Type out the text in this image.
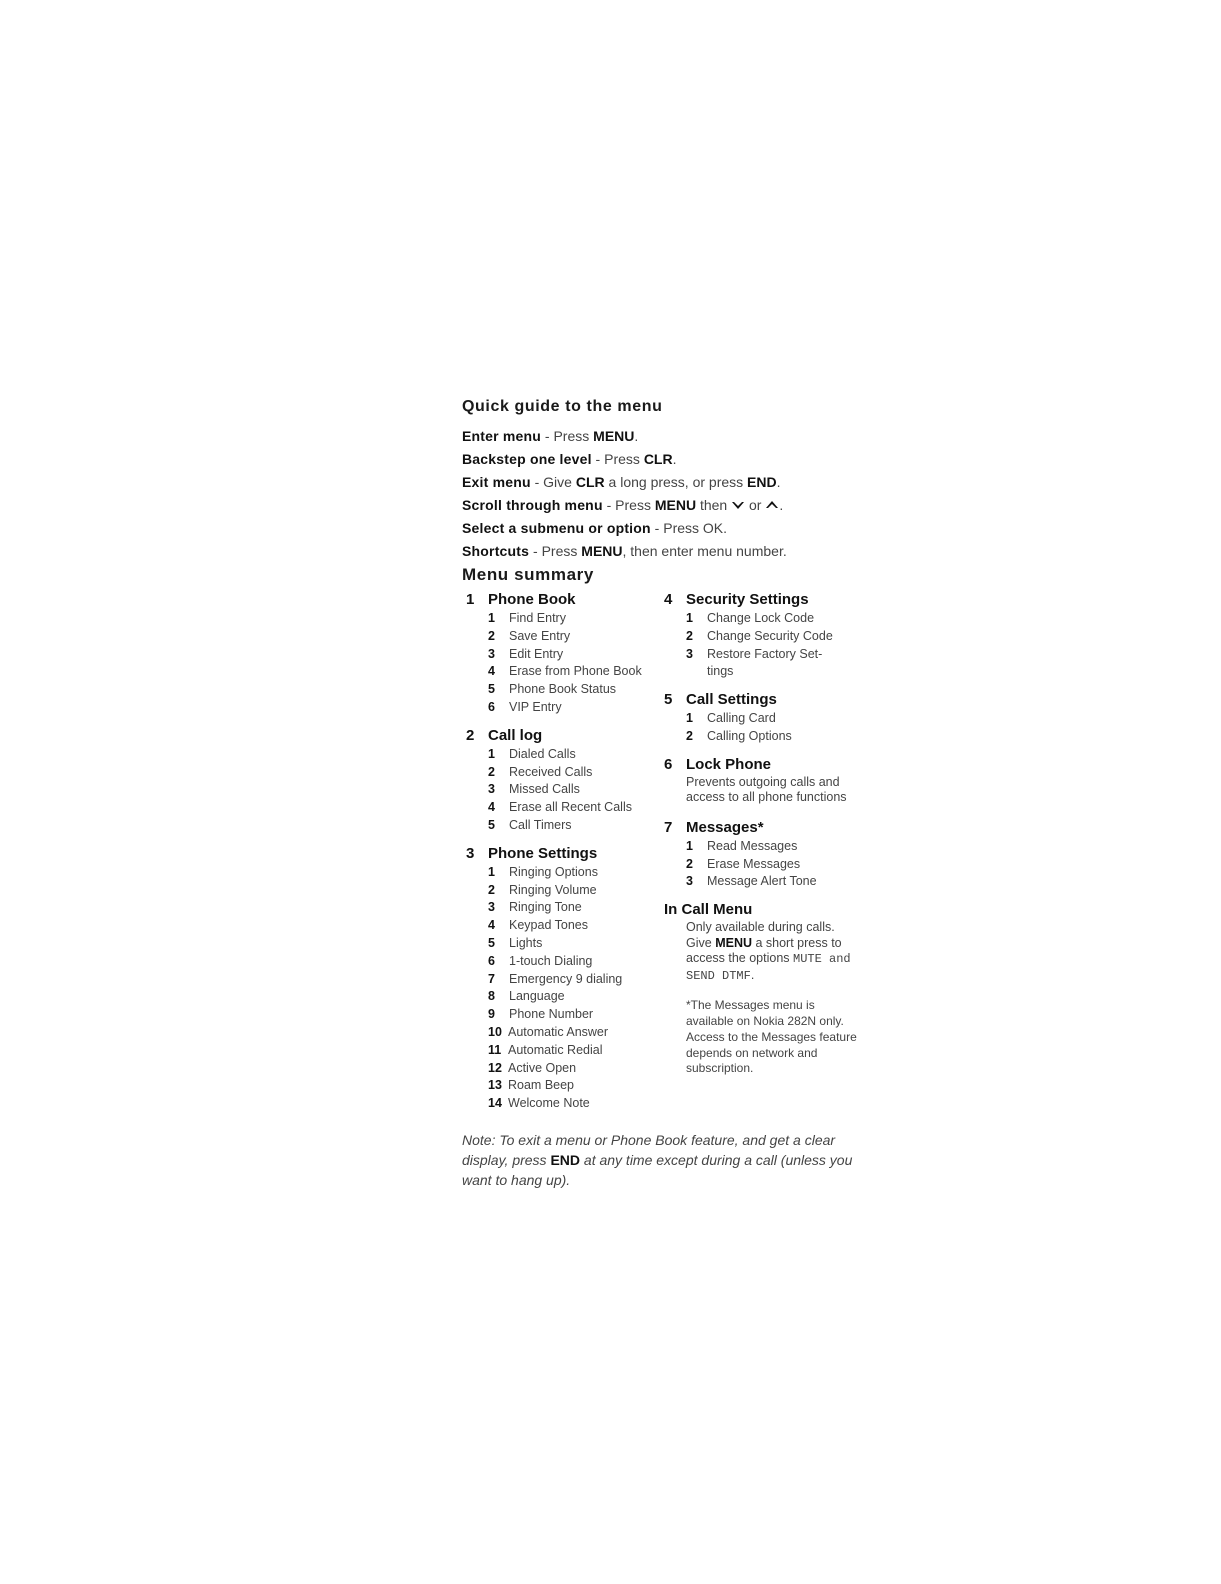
Quick guide to the menu
Enter menu - Press MENU.
Backstep one level - Press CLR.
Exit menu - Give CLR a long press, or press END.
Scroll through menu - Press MENU then  or .
Select a submenu or option - Press OK.
Shortcuts - Press MENU, then enter menu number.
Menu summary
1 Phone Book
1 Find Entry
2 Save Entry
3 Edit Entry
4 Erase from Phone Book
5 Phone Book Status
6 VIP Entry
2 Call log
1 Dialed Calls
2 Received Calls
3 Missed Calls
4 Erase all Recent Calls
5 Call Timers
3 Phone Settings
1 Ringing Options
2 Ringing Volume
3 Ringing Tone
4 Keypad Tones
5 Lights
6 1-touch Dialing
7 Emergency 9 dialing
8 Language
9 Phone Number
10 Automatic Answer
11 Automatic Redial
12 Active Open
13 Roam Beep
14 Welcome Note
4 Security Settings
1 Change Lock Code
2 Change Security Code
3 Restore Factory Set-
tings
5 Call Settings
1 Calling Card
2 Calling Options
6 Lock Phone
Prevents outgoing calls and access to all phone functions
7 Messages*
1 Read Messages
2 Erase Messages
3 Message Alert Tone
In Call Menu
Only available during calls. Give MENU a short press to access the options MUTE and SEND DTMF.
*The Messages menu is available on Nokia 282N only. Access to the Messages feature depends on network and subscription.
Note: To exit a menu or Phone Book feature, and get a clear display, press END at any time except during a call (unless you want to hang up).
